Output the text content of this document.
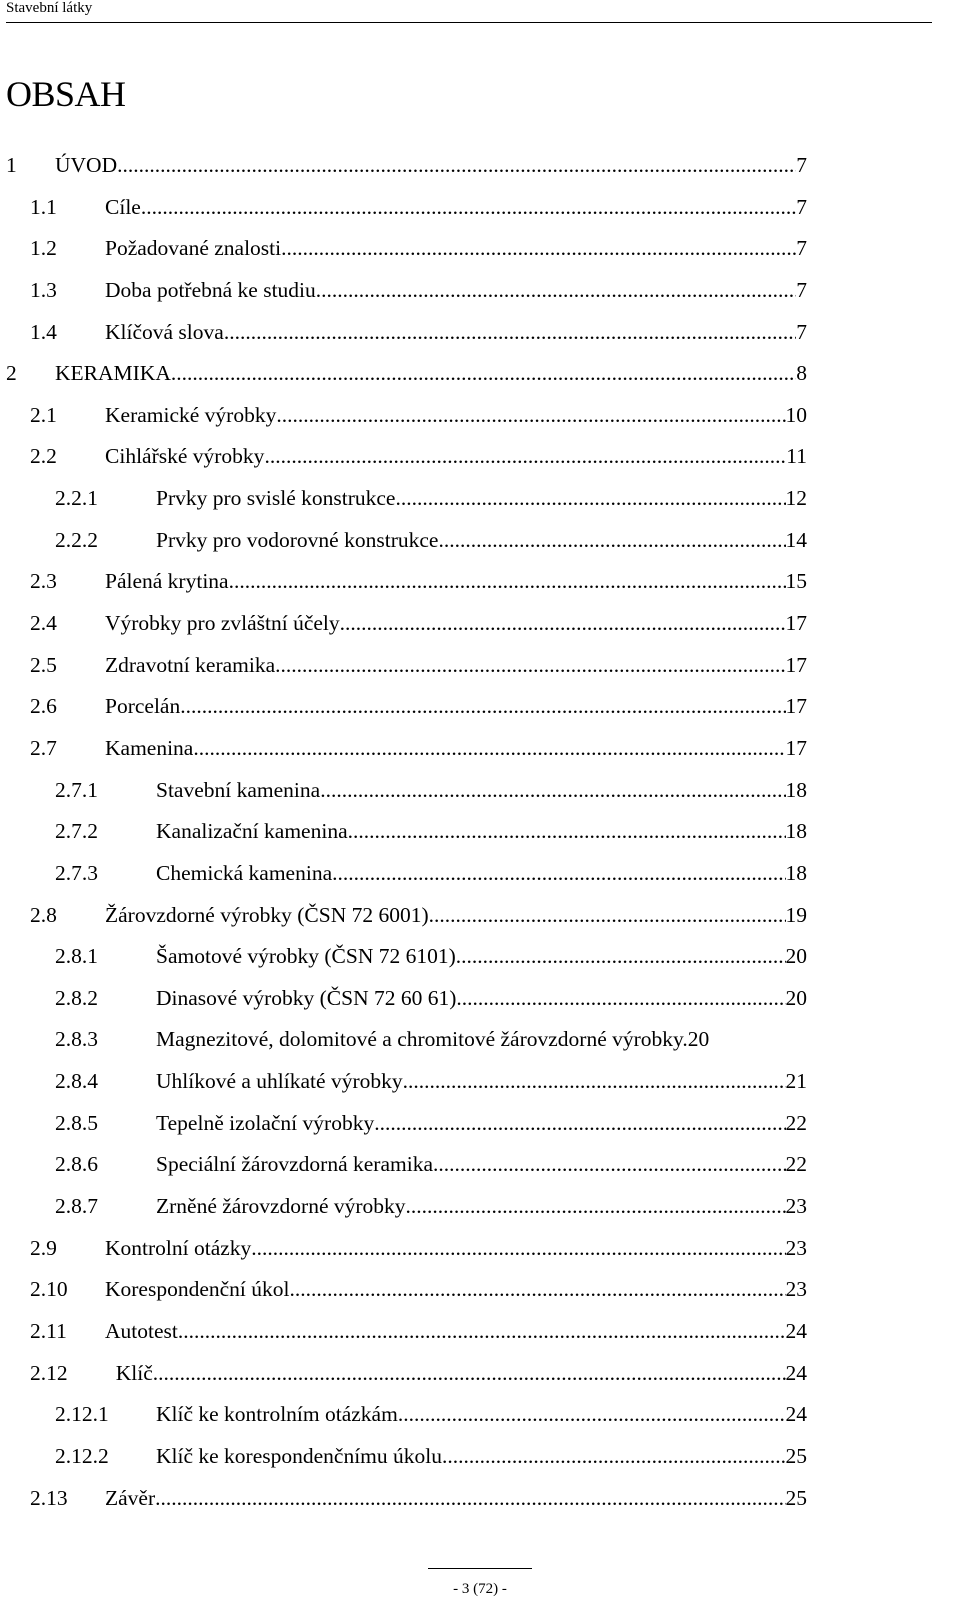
Stavební látky
OBSAH
1 ÚVOD .....	7
1.1 Cíle .....	7
1.2 Požadované znalosti .....	7
1.3 Doba potřebná ke studiu .....	7
1.4 Klíčová slova .....	7
2 KERAMIKA .....	8
2.1 Keramické výrobky .....	10
2.2 Cihlářské výrobky .....	11
2.2.1	Prvky pro svislé konstrukce .....	12
2.2.2	Prvky pro vodorovné konstrukce .....	14
2.3 Pálená krytina .....	15
2.4 Výrobky pro zvláštní účely .....	17
2.5 Zdravotní keramika .....	17
2.6 Porcelán .....	17
2.7 Kamenina .....	17
2.7.1	Stavební kamenina .....	18
2.7.2	Kanalizační kamenina .....	18
2.7.3	Chemická kamenina .....	18
2.8 Žárovzdorné výrobky (ČSN 72 6001) .....	19
2.8.1	Šamotové výrobky (ČSN 72 6101) .....	20
2.8.2	Dinasové výrobky (ČSN 72 60 61) .....	20
2.8.3	Magnezitové, dolomitové a chromitové žárovzdorné výrobky. 20
2.8.4	Uhlíkové a uhlíkaté výrobky .....	21
2.8.5	Tepelně izolační výrobky .....	22
2.8.6	Speciální žárovzdorná keramika .....	22
2.8.7	Zrněné žárovzdorné výrobky .....	23
2.9 Kontrolní otázky .....	23
2.10 Korespondenční úkol .....	23
2.11 Autotest .....	24
2.12 Klíč .....	24
2.12.1 Klíč ke kontrolním otázkám .....	24
2.12.2 Klíč ke korespondenčnímu úkolu .....	25
2.13 Závěr .....	25
- 3 (72) -
